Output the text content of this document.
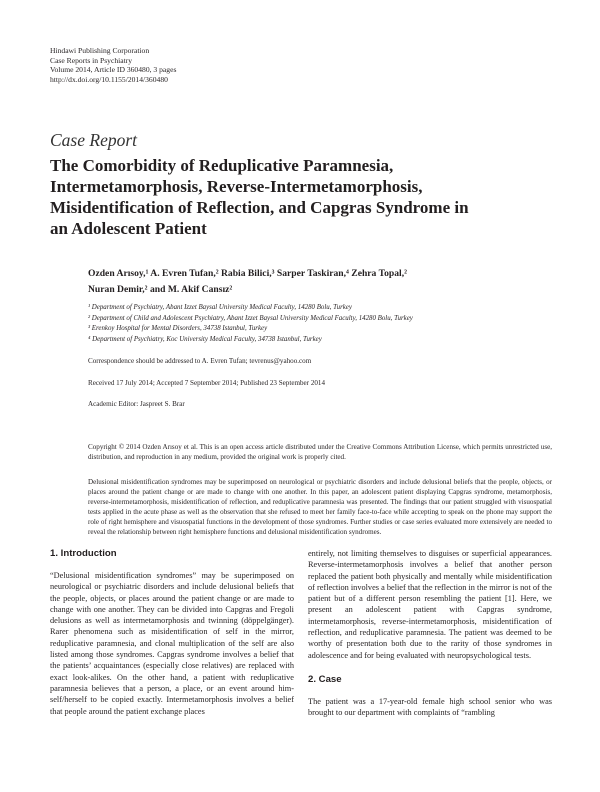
Hindawi Publishing Corporation
Case Reports in Psychiatry
Volume 2014, Article ID 360480, 3 pages
http://dx.doi.org/10.1155/2014/360480
Case Report
The Comorbidity of Reduplicative Paramnesia,
Intermetamorphosis, Reverse-Intermetamorphosis,
Misidentification of Reflection, and Capgras Syndrome in
an Adolescent Patient
Ozden Arısoy,¹ A. Evren Tufan,² Rabia Bilici,³ Sarper Taskiran,⁴ Zehra Topal,²
Nuran Demir,² and M. Akif Cansız²
¹ Department of Psychiatry, Abant Izzet Baysal University Medical Faculty, 14280 Bolu, Turkey
² Department of Child and Adolescent Psychiatry, Abant Izzet Baysal University Medical Faculty, 14280 Bolu, Turkey
³ Erenkoy Hospital for Mental Disorders, 34738 Istanbul, Turkey
⁴ Department of Psychiatry, Koc University Medical Faculty, 34738 Istanbul, Turkey
Correspondence should be addressed to A. Evren Tufan; tevrenus@yahoo.com
Received 17 July 2014; Accepted 7 September 2014; Published 23 September 2014
Academic Editor: Jaspreet S. Brar
Copyright © 2014 Ozden Arısoy et al. This is an open access article distributed under the Creative Commons Attribution License, which permits unrestricted use, distribution, and reproduction in any medium, provided the original work is properly cited.
Delusional misidentification syndromes may be superimposed on neurological or psychiatric disorders and include delusional beliefs that the people, objects, or places around the patient change or are made to change with one another. In this paper, an adolescent patient displaying Capgras syndrome, metamorphosis, reverse-intermetamorphosis, misidentification of reflection, and reduplicative paramnesia was presented. The findings that our patient struggled with visuospatial tests applied in the acute phase as well as the observation that she refused to meet her family face-to-face while accepting to speak on the phone may support the role of right hemisphere and visuospatial functions in the development of those syndromes. Further studies or case series evaluated more extensively are needed to reveal the relationship between right hemisphere functions and delusional misidentification syndromes.
1. Introduction

“Delusional misidentification syndromes” may be superimposed on neurological or psychiatric disorders and include delusional beliefs that the people, objects, or places around the patient change or are made to change with one another. They can be divided into Capgras and Fregoli delusions as well as intermetamorphosis and twinning (döppelgänger). Rarer phenomena such as misidentification of self in the mirror, reduplicative paramnesia, and clonal multiplication of the self are also listed among those syndromes. Capgras syndrome involves a belief that the patients’ acquaintances (especially close relatives) are replaced with exact look-alikes. On the other hand, a patient with reduplicative paramnesia believes that a person, a place, or an event around him-self/herself to be copied exactly. Intermetamorphosis involves a belief that people around the patient exchange places

entirely, not limiting themselves to disguises or superficial appearances. Reverse-intermetamorphosis involves a belief that another person replaced the patient both physically and mentally while misidentification of reflection involves a belief that the reflection in the mirror is not of the patient but of a different person resembling the patient [1]. Here, we present an adolescent patient with Capgras syndrome, intermetamorphosis, reverse-intermetamorphosis, misidentification of reflection, and reduplicative paramnesia. The patient was deemed to be worthy of presentation both due to the rarity of those syndromes in adolescence and for being evaluated with neuropsychological tests.

2. Case

The patient was a 17-year-old female high school senior who was brought to our department with complaints of “rambling
